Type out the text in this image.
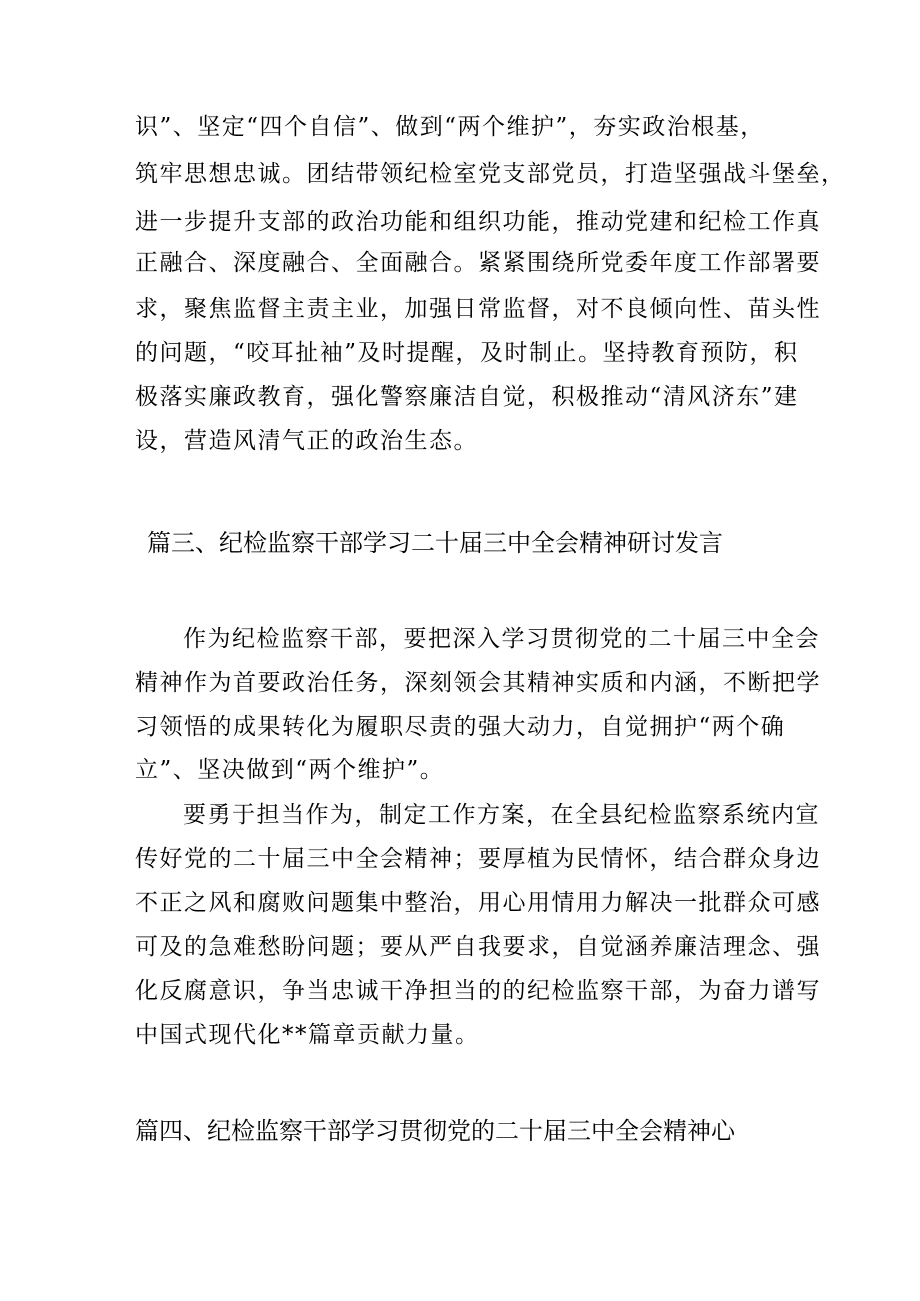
识”、坚定“四个自信”、做到“两个维护”，夯实政治根基，
筑牢思想忠诚。团结带领纪检室党支部党员，打造坚强战斗堡垒，
进一步提升支部的政治功能和组织功能，推动党建和纪检工作真
正融合、深度融合、全面融合。紧紧围绕所党委年度工作部署要
求，聚焦监督主责主业，加强日常监督，对不良倾向性、苗头性
的问题，“咬耳扯袖”及时提醒，及时制止。坚持教育预防，积
极落实廉政教育，强化警察廉洁自觉，积极推动“清风济东”建
设，营造风清气正的政治生态。
篇三、纪检监察干部学习二十届三中全会精神研讨发言
作为纪检监察干部，要把深入学习贯彻党的二十届三中全会
精神作为首要政治任务，深刻领会其精神实质和内涵，不断把学
习领悟的成果转化为履职尽责的强大动力，自觉拥护“两个确
立”、坚决做到“两个维护”。
要勇于担当作为，制定工作方案，在全县纪检监察系统内宣
传好党的二十届三中全会精神；要厚植为民情怀，结合群众身边
不正之风和腐败问题集中整治，用心用情用力解决一批群众可感
可及的急难愁盼问题；要从严自我要求，自觉涵养廉洁理念、强
化反腐意识，争当忠诚干净担当的的纪检监察干部，为奋力谱写
中国式现代化**篇章贡献力量。
篇四、纪检监察干部学习贯彻党的二十届三中全会精神心
